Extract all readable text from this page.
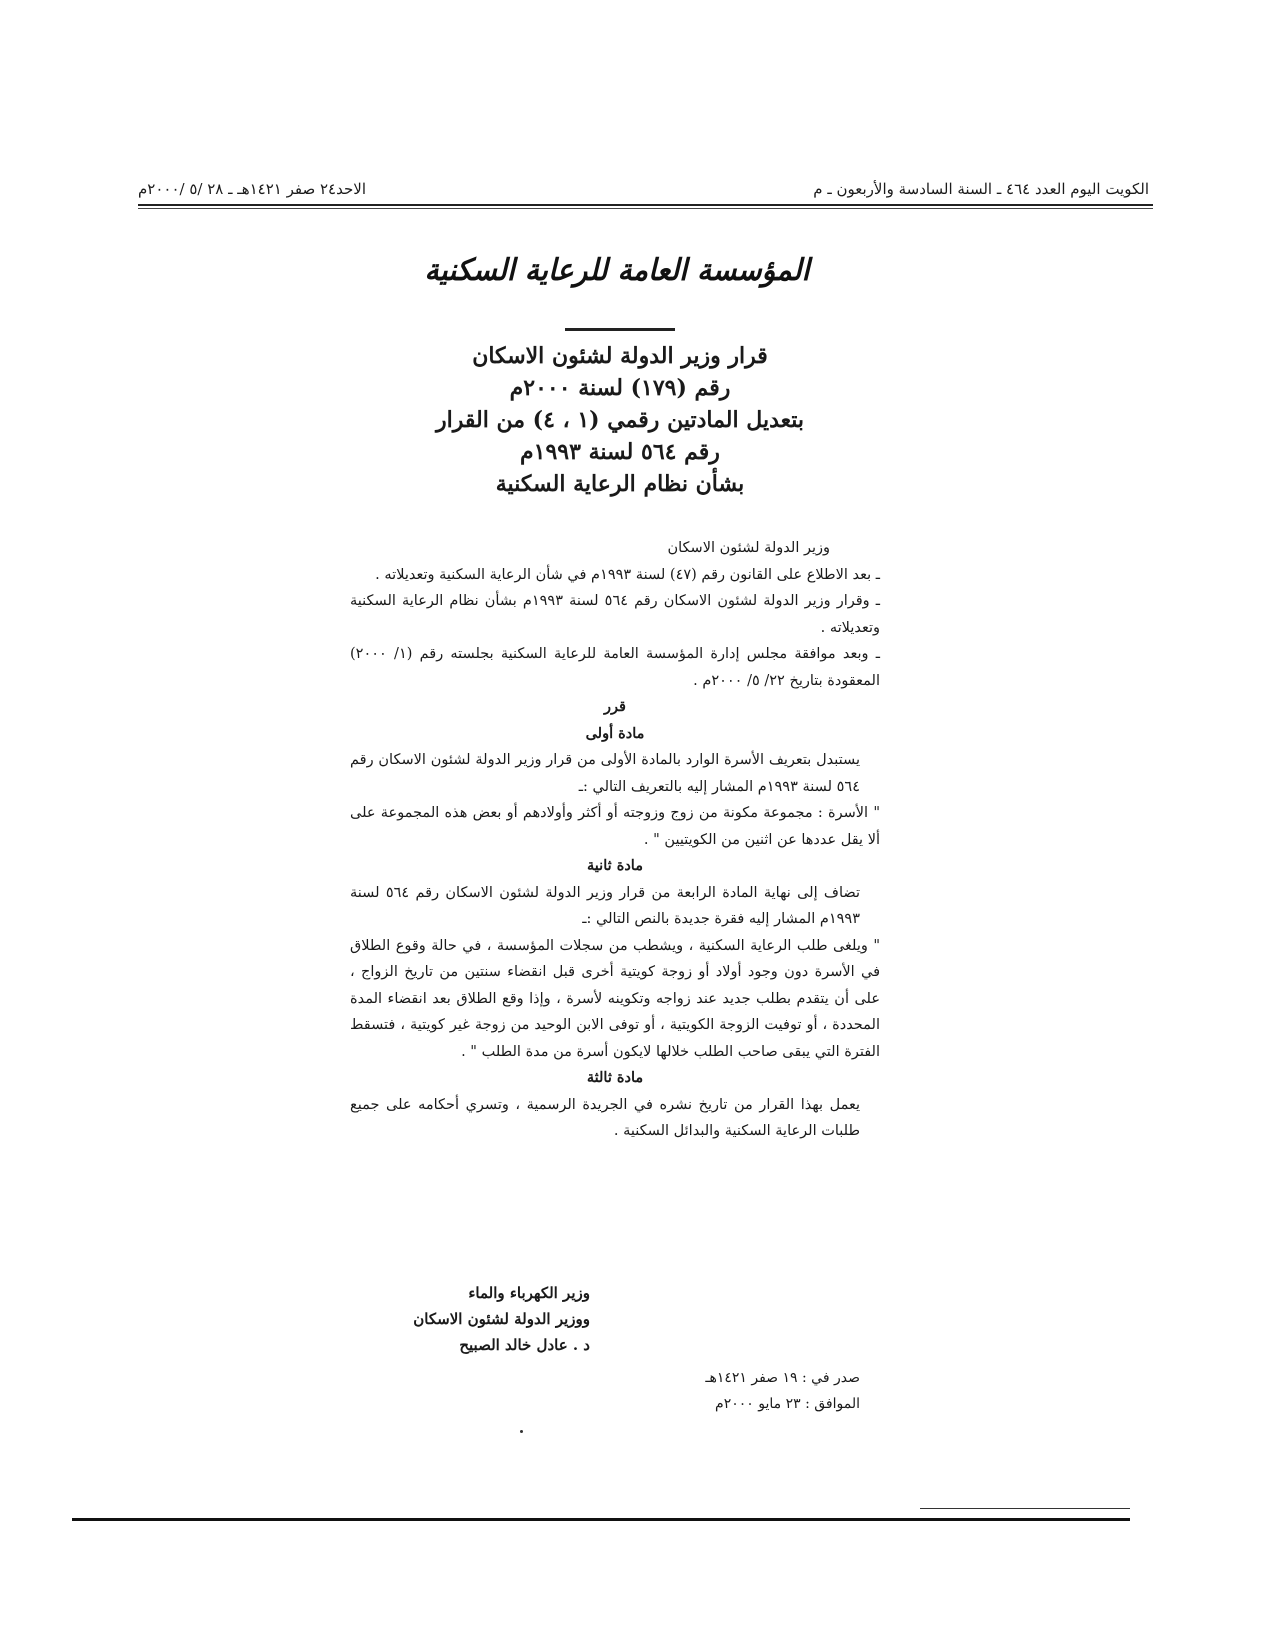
الاحد٢٤ صفر ١٤٢١هـ ـ ٢٨ /٥ /٢٠٠٠م	الكويت اليوم العدد ٤٦٤ ـ السنة السادسة والأربعون ـ م
المؤسسة العامة للرعاية السكنية
قرار وزير الدولة لشئون الاسكان
رقم (١٧٩) لسنة ٢٠٠٠م
بتعديل المادتين رقمي (١ ، ٤) من القرار
رقم ٥٦٤ لسنة ١٩٩٣م
بشأن نظام الرعاية السكنية

وزير الدولة لشئون الاسكان

ـ بعد الاطلاع على القانون رقم (٤٧) لسنة ١٩٩٣م في شأن الرعاية السكنية وتعديلاته .

ـ وقرار وزير الدولة لشئون الاسكان رقم ٥٦٤ لسنة ١٩٩٣م بشأن نظام الرعاية السكنية وتعديلاته .

ـ وبعد موافقة مجلس إدارة المؤسسة العامة للرعاية السكنية بجلسته رقم (١/ ٢٠٠٠) المعقودة بتاريخ ٢٢/ ٥/ ٢٠٠٠م .

قرر

مادة أولى

يستبدل بتعريف الأسرة الوارد بالمادة الأولى من قرار وزير الدولة لشئون الاسكان رقم ٥٦٤ لسنة ١٩٩٣م المشار إليه بالتعريف التالي :ـ

" الأسرة : مجموعة مكونة من زوج وزوجته أو أكثر وأولادهم أو بعض هذه المجموعة على ألا يقل عددها عن اثنين من الكويتيين " .

مادة ثانية

تضاف إلى نهاية المادة الرابعة من قرار وزير الدولة لشئون الاسكان رقم ٥٦٤ لسنة ١٩٩٣م المشار إليه فقرة جديدة بالنص التالي :ـ

" ويلغى طلب الرعاية السكنية ، ويشطب من سجلات المؤسسة ، في حالة وقوع الطلاق في الأسرة دون وجود أولاد أو زوجة كويتية أخرى قبل انقضاء سنتين من تاريخ الزواج ، على أن يتقدم بطلب جديد عند زواجه وتكوينه لأسرة ، وإذا وقع الطلاق بعد انقضاء المدة المحددة ، أو توفيت الزوجة الكويتية ، أو توفى الابن الوحيد من زوجة غير كويتية ، فتسقط الفترة التي يبقى صاحب الطلب خلالها لايكون أسرة من مدة الطلب " .

مادة ثالثة

يعمل بهذا القرار من تاريخ نشره في الجريدة الرسمية ، وتسري أحكامه على جميع طلبات الرعاية السكنية والبدائل السكنية .

وزير الكهرباء والماء
ووزير الدولة لشئون الاسكان
د . عادل خالد الصبيح
صدر في : ١٩ صفر ١٤٢١هـ
الموافق : ٢٣ مايو ٢٠٠٠م
